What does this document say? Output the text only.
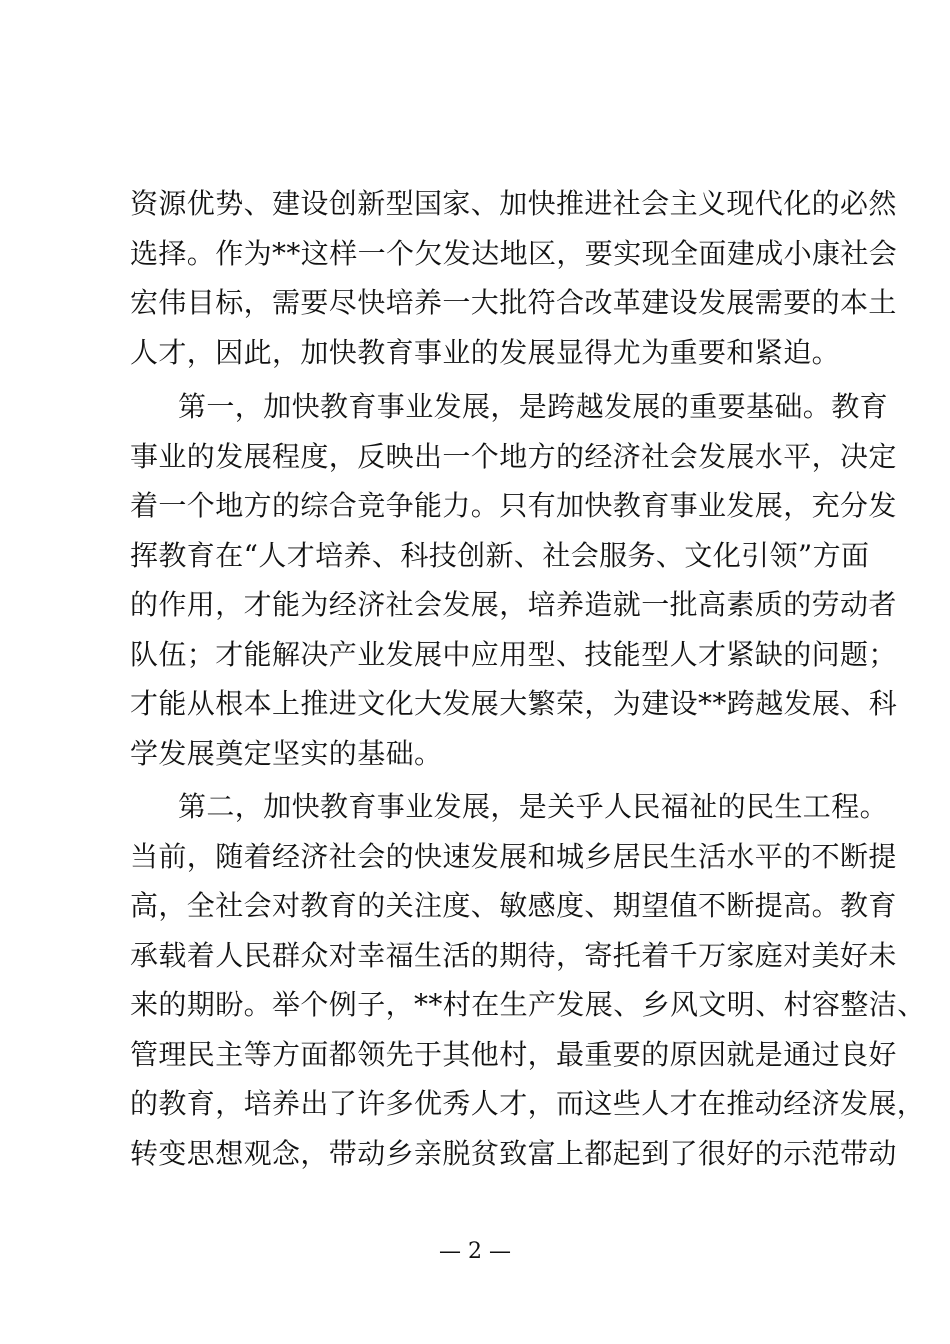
资源优势、建设创新型国家、加快推进社会主义现代化的必然
选择。作为**这样一个欠发达地区，要实现全面建成小康社会
宏伟目标，需要尽快培养一大批符合改革建设发展需要的本土
人才，因此，加快教育事业的发展显得尤为重要和紧迫。
第一，加快教育事业发展，是跨越发展的重要基础。教育
事业的发展程度，反映出一个地方的经济社会发展水平，决定
着一个地方的综合竞争能力。只有加快教育事业发展，充分发
挥教育在“人才培养、科技创新、社会服务、文化引领”方面
的作用，才能为经济社会发展，培养造就一批高素质的劳动者
队伍；才能解决产业发展中应用型、技能型人才紧缺的问题；
才能从根本上推进文化大发展大繁荣，为建设**跨越发展、科
学发展奠定坚实的基础。
第二，加快教育事业发展，是关乎人民福祉的民生工程。
当前，随着经济社会的快速发展和城乡居民生活水平的不断提
高，全社会对教育的关注度、敏感度、期望值不断提高。教育
承载着人民群众对幸福生活的期待，寄托着千万家庭对美好未
来的期盼。举个例子，**村在生产发展、乡风文明、村容整洁、
管理民主等方面都领先于其他村，最重要的原因就是通过良好
的教育，培养出了许多优秀人才，而这些人才在推动经济发展，
转变思想观念，带动乡亲脱贫致富上都起到了很好的示范带动
— 2 —
